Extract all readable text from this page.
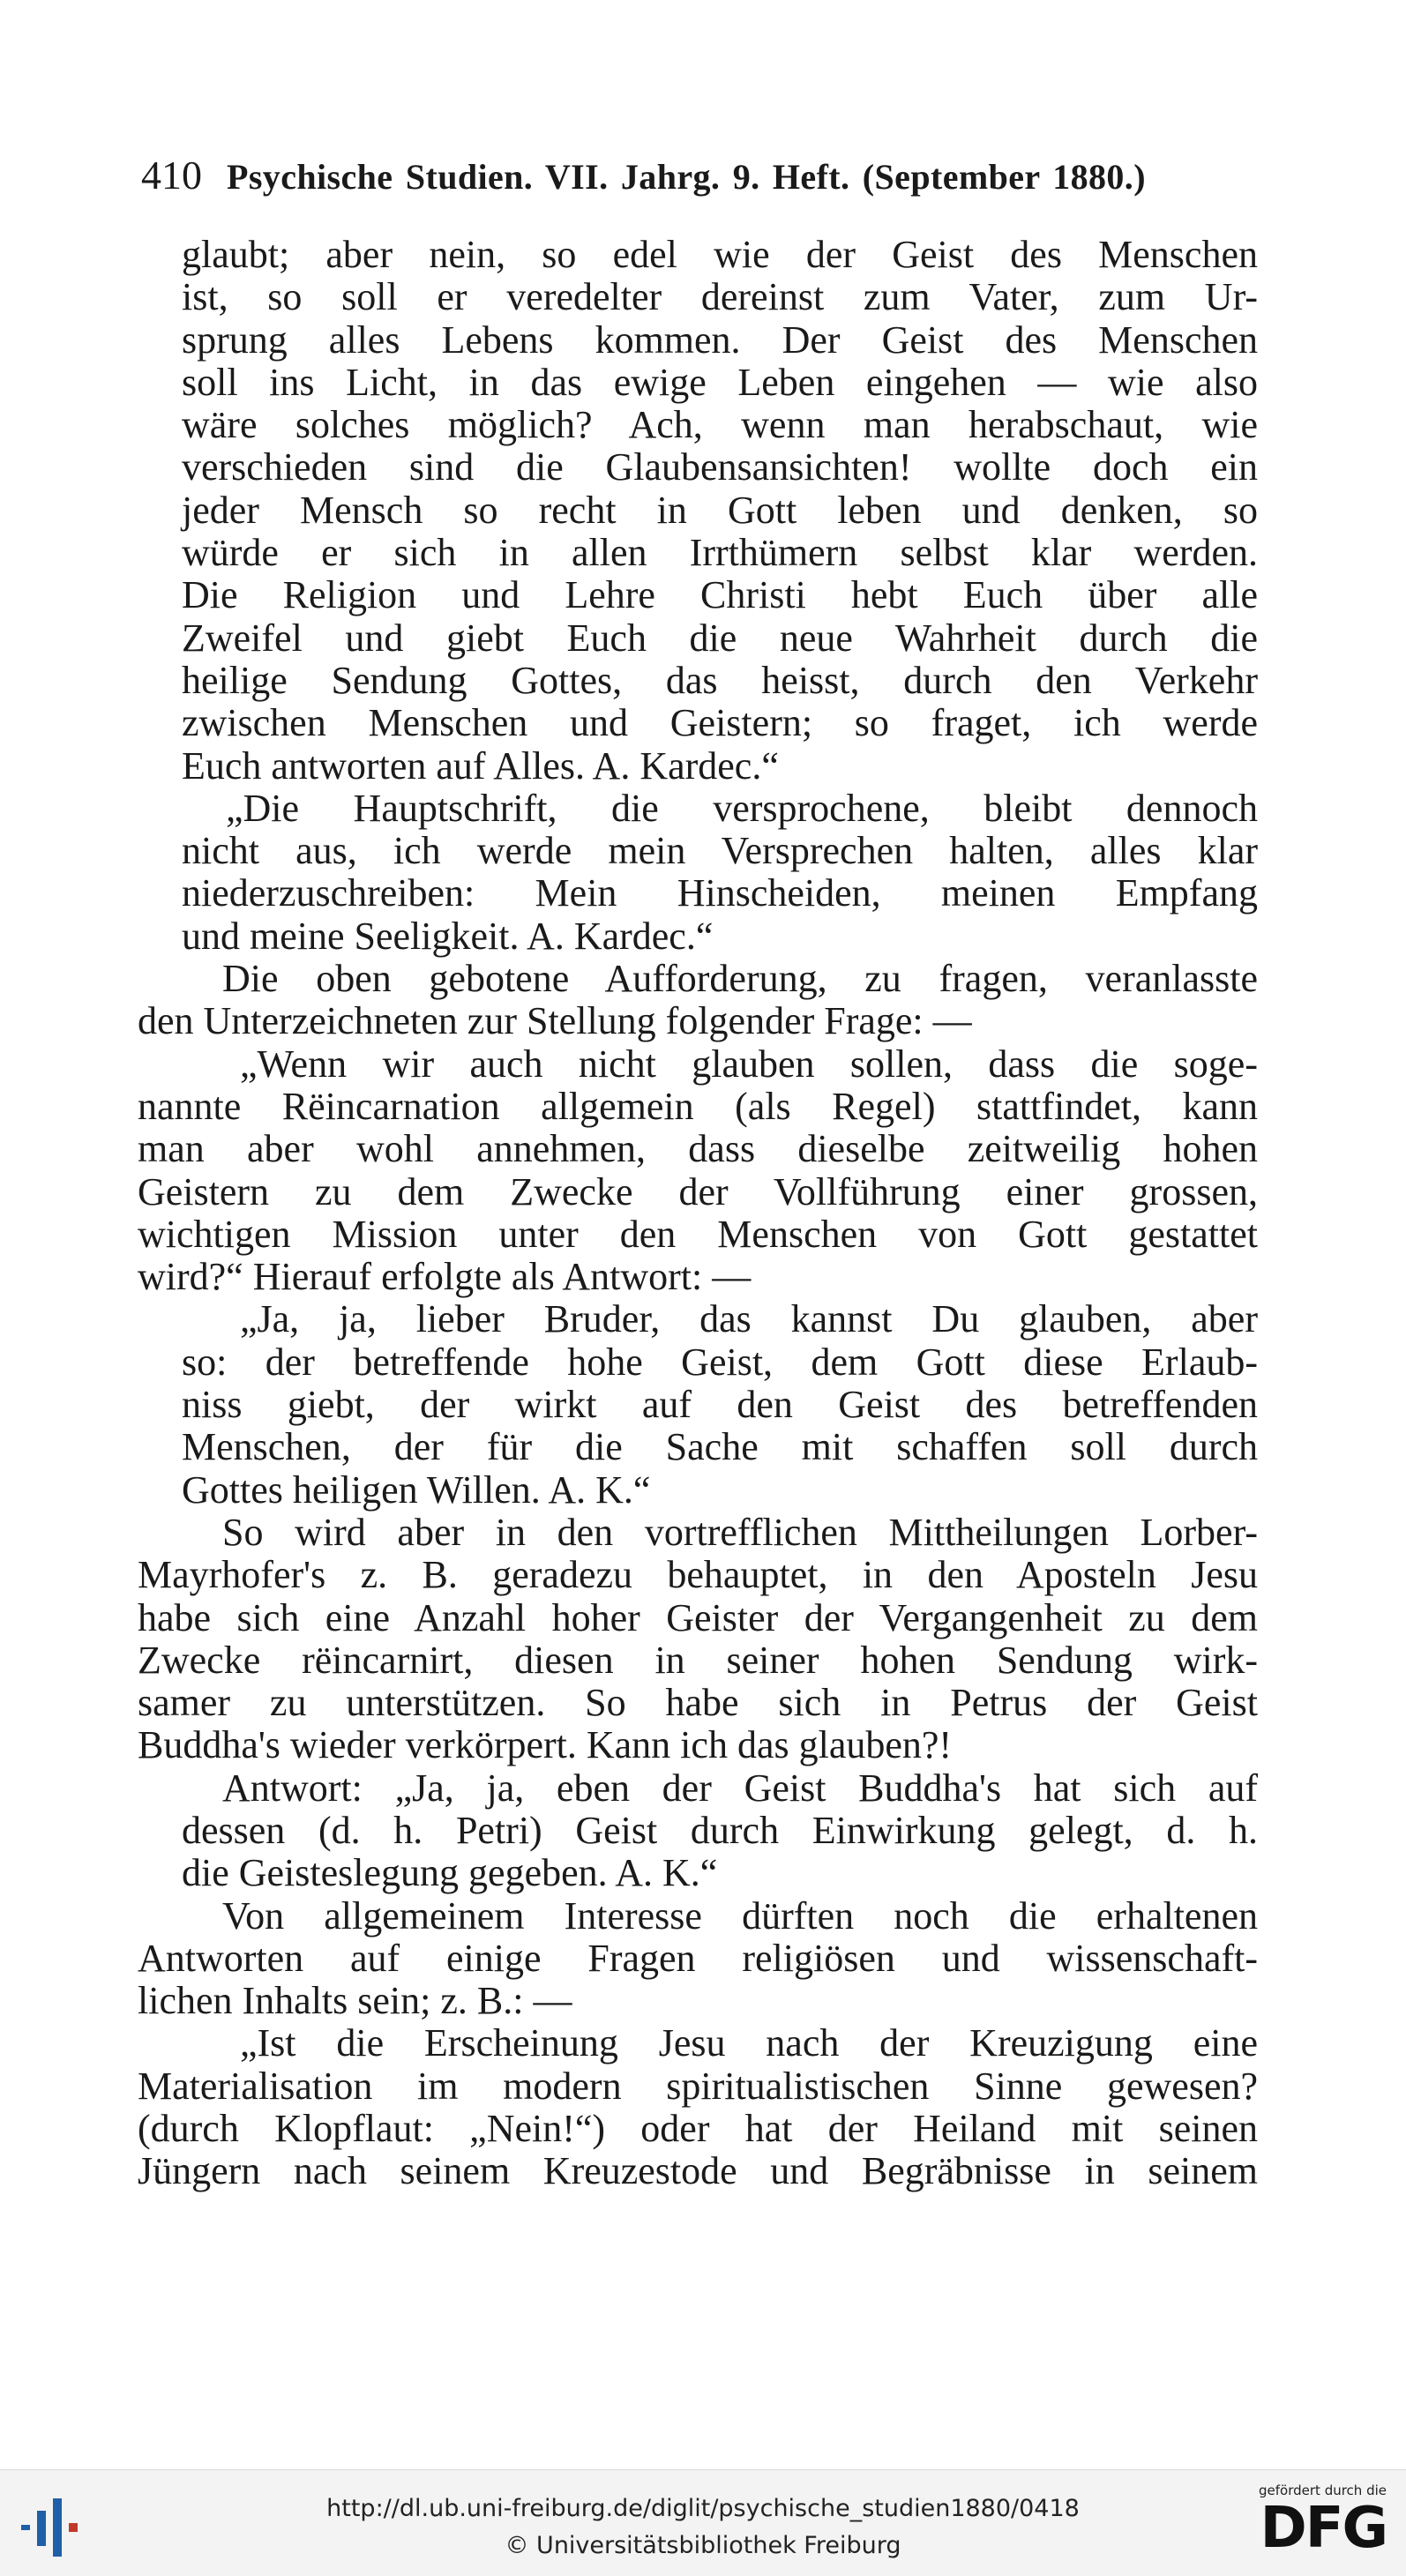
410 Psychische Studien. VII. Jahrg. 9. Heft. (September 1880.)
glaubt; aber nein, so edel wie der Geist des Menschen
ist, so soll er veredelter dereinst zum Vater, zum Ur-
sprung alles Lebens kommen. Der Geist des Menschen
soll ins Licht, in das ewige Leben eingehen — wie also
wäre solches möglich? Ach, wenn man herabschaut, wie
verschieden sind die Glaubensansichten! wollte doch ein
jeder Mensch so recht in Gott leben und denken, so
würde er sich in allen Irrthümern selbst klar werden.
Die Religion und Lehre Christi hebt Euch über alle
Zweifel und giebt Euch die neue Wahrheit durch die
heilige Sendung Gottes, das heisst, durch den Verkehr
zwischen Menschen und Geistern; so fraget, ich werde
Euch antworten auf Alles. A. Kardec.“
„Die Hauptschrift, die versprochene, bleibt dennoch
nicht aus, ich werde mein Versprechen halten, alles klar
niederzuschreiben: Mein Hinscheiden, meinen Empfang
und meine Seeligkeit. A. Kardec.“
Die oben gebotene Aufforderung, zu fragen, veranlasste
den Unterzeichneten zur Stellung folgender Frage: —
„Wenn wir auch nicht glauben sollen, dass die soge-
nannte Rëincarnation allgemein (als Regel) stattfindet, kann
man aber wohl annehmen, dass dieselbe zeitweilig hohen
Geistern zu dem Zwecke der Vollführung einer grossen,
wichtigen Mission unter den Menschen von Gott gestattet
wird?“ Hierauf erfolgte als Antwort: —
„Ja, ja, lieber Bruder, das kannst Du glauben, aber
so: der betreffende hohe Geist, dem Gott diese Erlaub-
niss giebt, der wirkt auf den Geist des betreffenden
Menschen, der für die Sache mit schaffen soll durch
Gottes heiligen Willen. A. K.“
So wird aber in den vortrefflichen Mittheilungen Lorber-
Mayrhofer's z. B. geradezu behauptet, in den Aposteln Jesu
habe sich eine Anzahl hoher Geister der Vergangenheit zu dem
Zwecke rëincarnirt, diesen in seiner hohen Sendung wirk-
samer zu unterstützen. So habe sich in Petrus der Geist
Buddha's wieder verkörpert. Kann ich das glauben?!
Antwort: „Ja, ja, eben der Geist Buddha's hat sich auf
dessen (d. h. Petri) Geist durch Einwirkung gelegt, d. h.
die Geisteslegung gegeben. A. K.“
Von allgemeinem Interesse dürften noch die erhaltenen
Antworten auf einige Fragen religiösen und wissenschaft-
lichen Inhalts sein; z. B.: —
„Ist die Erscheinung Jesu nach der Kreuzigung eine
Materialisation im modern spiritualistischen Sinne gewesen?
(durch Klopflaut: „Nein!“) oder hat der Heiland mit seinen
Jüngern nach seinem Kreuzestode und Begräbnisse in seinem
http://dl.ub.uni-freiburg.de/diglit/psychische_studien1880/0418
© Universitätsbibliothek Freiburg
gefördert durch die
DFG
